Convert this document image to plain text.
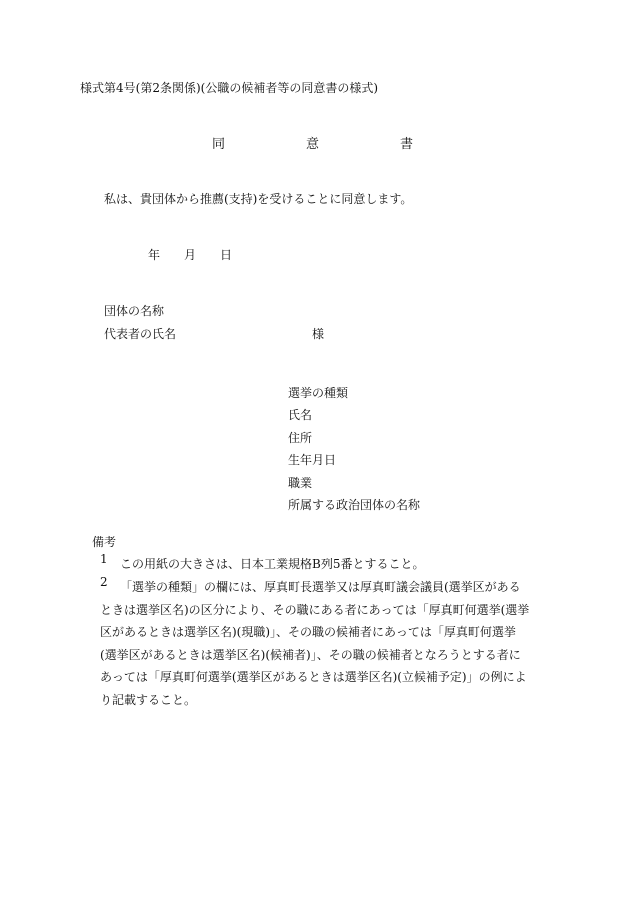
様式第4号(第2条関係)(公職の候補者等の同意書の様式)
同	意	書
私は、貴団体から推薦(支持)を受けることに同意します。
年 月 日
団体の名称
代表者の氏名	様
選挙の種類
氏名
住所
生年月日
職業
所属する政治団体の名称
備考
1	この用紙の大きさは、日本工業規格B列5番とすること。
2	「選挙の種類」の欄には、厚真町長選挙又は厚真町議会議員(選挙区があるときは選挙区名)の区分により、その職にある者にあっては「厚真町何選挙(選挙区があるときは選挙区名)(現職)」、その職の候補者にあっては「厚真町何選挙(選挙区があるときは選挙区名)(候補者)」、その職の候補者となろうとする者にあっては「厚真町何選挙(選挙区があるときは選挙区名)(立候補予定)」の例により記載すること。
